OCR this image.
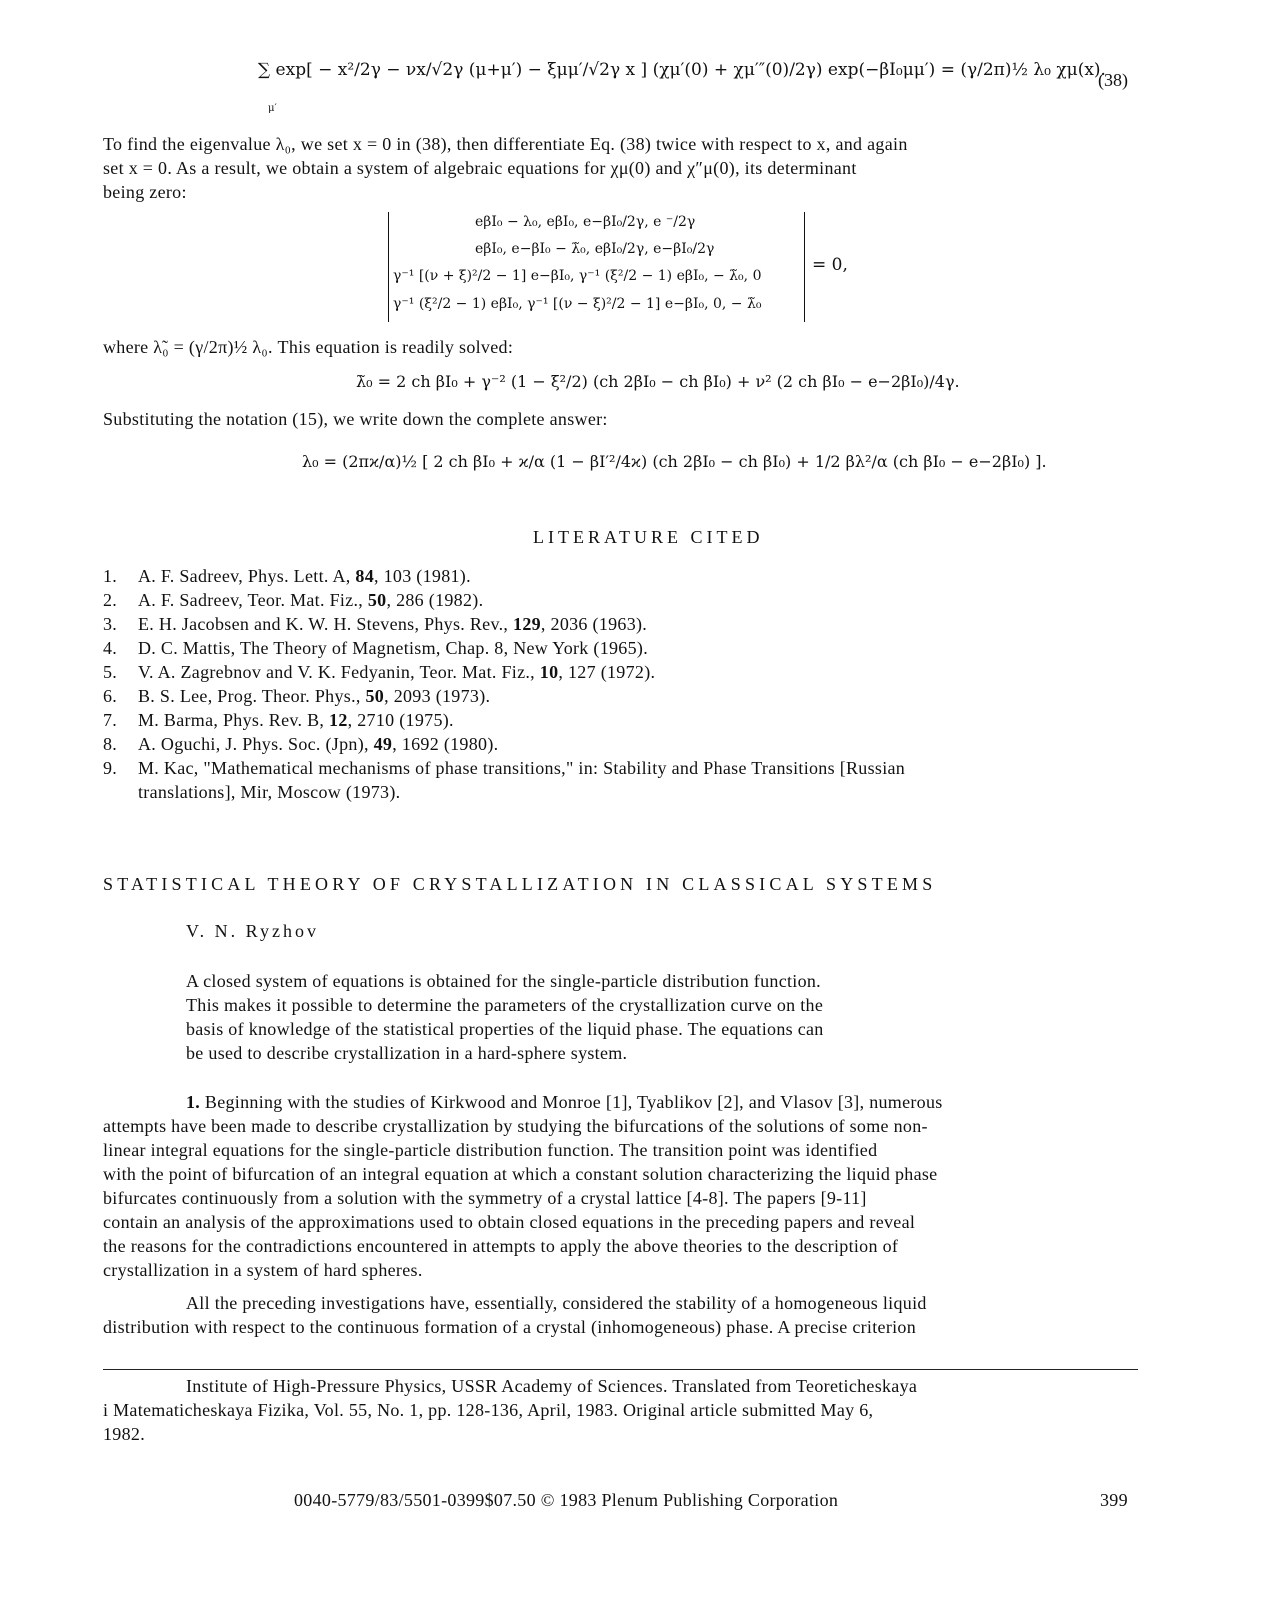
∑ exp[ − x²/2γ − νx/√2γ (μ+μ′) − ξμμ′/√2γ x ] (χμ′(0) + χμ′″(0)/2γ) exp(−βI₀μμ′) = (γ/2π)½ λ₀ χμ(x).
μ′
(38)
To find the eigenvalue λ₀, we set x = 0 in (38), then differentiate Eq. (38) twice with respect to x, and again
set x = 0. As a result, we obtain a system of algebraic equations for χμ(0) and χ″μ(0), its determinant
being zero:
eβI₀ − λ₀, eβI₀, e−βI₀/2γ, e ⁻/2γ
eβI₀, e−βI₀ − λ̃₀, eβI₀/2γ, e−βI₀/2γ
γ⁻¹ [(ν + ξ)²/2 − 1] e−βI₀, γ⁻¹ (ξ²/2 − 1) eβI₀, − λ̃₀, 0
γ⁻¹ (ξ²/2 − 1) eβI₀, γ⁻¹ [(ν − ξ)²/2 − 1] e−βI₀, 0, − λ̃₀
= 0,
where λ̃₀ = (γ/2π)½ λ₀. This equation is readily solved:
λ̃₀ = 2 ch βI₀ + γ⁻² (1 − ξ²/2) (ch 2βI₀ − ch βI₀) + ν² (2 ch βI₀ − e−2βI₀)/4γ.
Substituting the notation (15), we write down the complete answer:
λ₀ = (2πϰ/α)½ [ 2 ch βI₀ + ϰ/α (1 − βI′²/4ϰ) (ch 2βI₀ − ch βI₀) + 1/2 βλ²/α (ch βI₀ − e−2βI₀) ].
LITERATURE CITED
1. A. F. Sadreev, Phys. Lett. A, 84, 103 (1981).
2. A. F. Sadreev, Teor. Mat. Fiz., 50, 286 (1982).
3. E. H. Jacobsen and K. W. H. Stevens, Phys. Rev., 129, 2036 (1963).
4. D. C. Mattis, The Theory of Magnetism, Chap. 8, New York (1965).
5. V. A. Zagrebnov and V. K. Fedyanin, Teor. Mat. Fiz., 10, 127 (1972).
6. B. S. Lee, Prog. Theor. Phys., 50, 2093 (1973).
7. M. Barma, Phys. Rev. B, 12, 2710 (1975).
8. A. Oguchi, J. Phys. Soc. (Jpn), 49, 1692 (1980).
9. M. Kac, "Mathematical mechanisms of phase transitions," in: Stability and Phase Transitions [Russian
translations], Mir, Moscow (1973).
STATISTICAL THEORY OF CRYSTALLIZATION IN CLASSICAL SYSTEMS
V. N. Ryzhov
A closed system of equations is obtained for the single-particle distribution function.
This makes it possible to determine the parameters of the crystallization curve on the
basis of knowledge of the statistical properties of the liquid phase. The equations can
be used to describe crystallization in a hard-sphere system.
1. Beginning with the studies of Kirkwood and Monroe [1], Tyablikov [2], and Vlasov [3], numerous
attempts have been made to describe crystallization by studying the bifurcations of the solutions of some non-
linear integral equations for the single-particle distribution function. The transition point was identified
with the point of bifurcation of an integral equation at which a constant solution characterizing the liquid phase
bifurcates continuously from a solution with the symmetry of a crystal lattice [4-8]. The papers [9-11]
contain an analysis of the approximations used to obtain closed equations in the preceding papers and reveal
the reasons for the contradictions encountered in attempts to apply the above theories to the description of
crystallization in a system of hard spheres.
All the preceding investigations have, essentially, considered the stability of a homogeneous liquid
distribution with respect to the continuous formation of a crystal (inhomogeneous) phase. A precise criterion
Institute of High-Pressure Physics, USSR Academy of Sciences. Translated from Teoreticheskaya
i Matematicheskaya Fizika, Vol. 55, No. 1, pp. 128-136, April, 1983. Original article submitted May 6,
1982.
0040-5779/83/5501-0399$07.50 © 1983 Plenum Publishing Corporation	399
